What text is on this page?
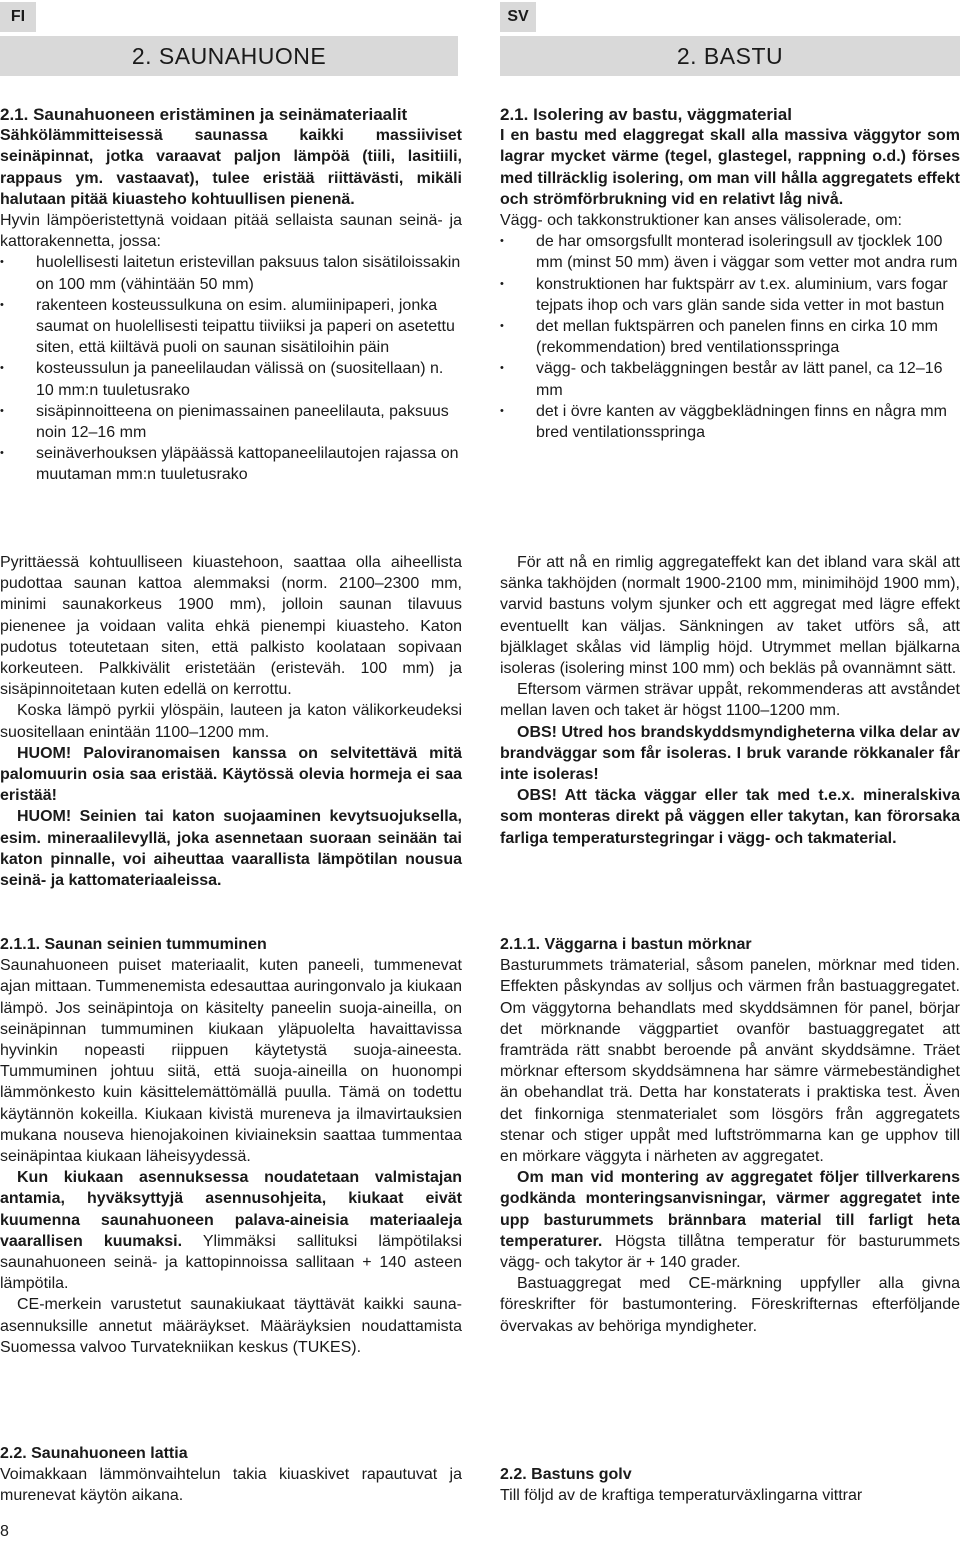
FI
2. SAUNAHUONE

2.1. Saunahuoneen eristäminen ja seinämateriaalit

Sähkölämmitteisessä saunassa kaikki massiiviset seinäpinnat, jotka varaavat paljon lämpöä (tiili, lasitiili, rappaus ym. vastaavat), tulee eristää riittävästi, mikäli halutaan pitää kiuasteho kohtuullisen pienenä.

Hyvin lämpöeristettynä voidaan pitää sellaista saunan seinä- ja kattorakennetta, jossa:

• huolellisesti laitetun eristevillan paksuus talon sisätiloissakin on 100 mm (vähintään 50 mm)
• rakenteen kosteussulkuna on esim. alumiinipaperi, jonka saumat on huolellisesti teipattu tiiviiksi ja paperi on asetettu siten, että kiiltävä puoli on saunan sisätiloihin päin
• kosteussulun ja paneelilaudan välissä on (suositellaan) n. 10 mm:n tuuletusrako
• sisäpinnoitteena on pienimassainen paneelilauta, paksuus noin 12–16 mm
• seinäverhouksen yläpäässä kattopaneelilautojen rajassa on muutaman mm:n tuuletusrako

Pyrittäessä kohtuulliseen kiuastehoon, saattaa olla aiheellista pudottaa saunan kattoa alemmaksi (norm. 2100–2300 mm, minimi saunakorkeus 1900 mm), jolloin saunan tilavuus pienenee ja voidaan valita ehkä pienempi kiuasteho. Katon pudotus toteutetaan siten, että palkisto koolataan sopivaan korkeuteen. Palkkivälit eristetään (eristeväh. 100 mm) ja sisäpinnoitetaan kuten edellä on kerrottu.

Koska lämpö pyrkii ylöspäin, lauteen ja katon välikorkeudeksi suositellaan enintään 1100–1200 mm.

HUOM! Paloviranomaisen kanssa on selvitettävä mitä palomuurin osia saa eristää. Käytössä olevia hormeja ei saa eristää!

HUOM! Seinien tai katon suojaaminen kevytsuojuksella, esim. mineraalilevyllä, joka asennetaan suoraan seinään tai katon pinnalle, voi aiheuttaa vaarallista lämpötilan nousua seinä- ja kattomateriaaleissa.

2.1.1. Saunan seinien tummuminen

Saunahuoneen puiset materiaalit, kuten paneeli, tummenevat ajan mittaan. Tummenemista edesauttaa auringonvalo ja kiukaan lämpö. Jos seinäpintoja on käsitelty paneelin suoja-aineilla, on seinäpinnan tummuminen kiukaan yläpuolelta havaittavissa hyvinkin nopeasti riippuen käytetystä suoja-aineesta. Tummuminen johtuu siitä, että suoja-aineilla on huonompi lämmönkesto kuin käsittelemättömällä puulla. Tämä on todettu käytännön kokeilla. Kiukaan kivistä mureneva ja ilmavirtauksien mukana nouseva hienojakoinen kiviaineksin saattaa tummentaa seinäpintaa kiukaan läheisyydessä.

Kun kiukaan asennuksessa noudatetaan valmistajan antamia, hyväksyttyjä asennusohjeita, kiukaat eivät kuumenna saunahuoneen palava-aineisia materiaaleja vaarallisen kuumaksi. Ylimmäksi sallituksi lämpötilaksi saunahuoneen seinä- ja kattopinnoissa sallitaan + 140 asteen lämpötila.

CE-merkein varustetut saunakiukaat täyttävät kaikki sauna-asennuksille annetut määräykset. Määräyksien noudattamista Suomessa valvoo Turvatekniikan keskus (TUKES).

2.2. Saunahuoneen lattia

Voimakkaan lämmönvaihtelun takia kiuaskivet rapautuvat ja murenevat käytön aikana.

8
SV
2. BASTU

2.1. Isolering av bastu, väggmaterial

I en bastu med elaggregat skall alla massiva väggytor som lagrar mycket värme (tegel, glastegel, rappning o.d.) förses med tillräcklig isolering, om man vill hålla aggregatets effekt och strömförbrukning vid en relativt låg nivå.

Vägg- och takkonstruktioner kan anses välisolerade, om:

• de har omsorgsfullt monterad isoleringsull av tjocklek 100 mm (minst 50 mm) även i väggar som vetter mot andra rum
• konstruktionen har fuktspärr av t.ex. aluminium, vars fogar tejpats ihop och vars glän sande sida vetter in mot bastun
• det mellan fuktspärren och panelen finns en cirka 10 mm (rekommendation) bred ventilationsspringa
• vägg- och takbeläggningen består av lätt panel, ca 12–16 mm
• det i övre kanten av väggbeklädningen finns en några mm bred ventilationsspringa

För att nå en rimlig aggregateffekt kan det ibland vara skäl att sänka takhöjden (normalt 1900-2100 mm, minimihöjd 1900 mm), varvid bastuns volym sjunker och ett aggregat med lägre effekt eventuellt kan väljas. Sänkningen av taket utförs så, att bjälklaget skålas vid lämplig höjd. Utrymmet mellan bjälkarna isoleras (isolering minst 100 mm) och bekläs på ovannämnt sätt.

Eftersom värmen strävar uppåt, rekommenderas att avståndet mellan laven och taket är högst 1100–1200 mm.

OBS! Utred hos brandskyddsmyndigheterna vilka delar av brandväggar som får isoleras. I bruk varande rökkanaler får inte isoleras!

OBS! Att täcka väggar eller tak med t.e.x. mineralskiva som monteras direkt på väggen eller takytan, kan förorsaka farliga temperaturstegringar i vägg- och takmaterial.

2.1.1. Väggarna i bastun mörknar

Basturummets trämaterial, såsom panelen, mörknar med tiden. Effekten påskyndas av solljus och värmen från bastuaggregatet. Om väggytorna behandlats med skyddsämnen för panel, börjar det mörknande väggpartiet ovanför bastuaggregatet att framträda rätt snabbt beroende på använt skyddsämne. Träet mörknar eftersom skyddsämnena har sämre värmebeständighet än obehandlat trä. Detta har konstaterats i praktiska test. Även det finkorniga stenmaterialet som lösgörs från aggregatets stenar och stiger uppåt med luftströmmarna kan ge upphov till en mörkare väggyta i närheten av aggregatet.

Om man vid montering av aggregatet följer tillverkarens godkända monteringsanvisningar, värmer aggregatet inte upp basturummets brännbara material till farligt heta temperaturer. Högsta tillåtna temperatur för basturummets vägg- och takytor är + 140 grader.

Bastuaggregat med CE-märkning uppfyller alla givna föreskrifter för bastumontering. Föreskrifternas efterföljande övervakas av behöriga myndigheter.

2.2. Bastuns golv

Till följd av de kraftiga temperaturväxlingarna vittrar
